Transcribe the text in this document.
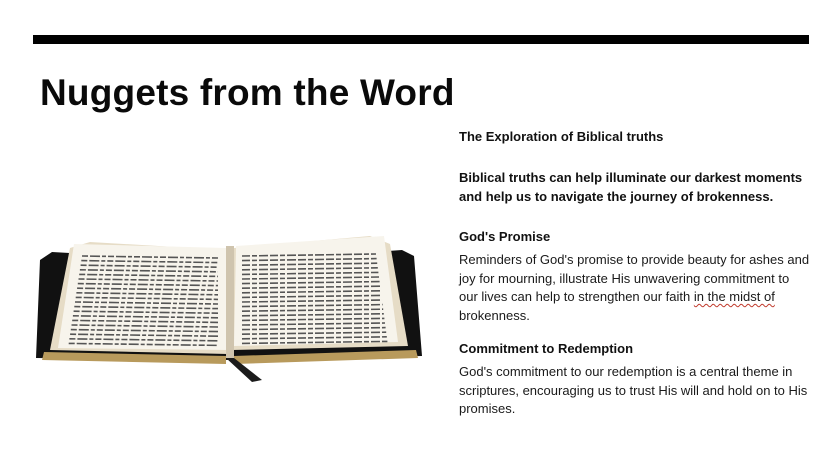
Nuggets from the Word

The Exploration of Biblical truths

Biblical truths can help illuminate our darkest moments and help us to navigate the journey of brokenness.

God's Promise

Reminders of God's promise to provide beauty for ashes and joy for mourning, illustrate His unwavering commitment to our lives can help to strengthen our faith in the midst of brokenness.

Commitment to Redemption

God's commitment to our redemption is a central theme in scriptures, encouraging us to trust His will and hold on to His promises.
